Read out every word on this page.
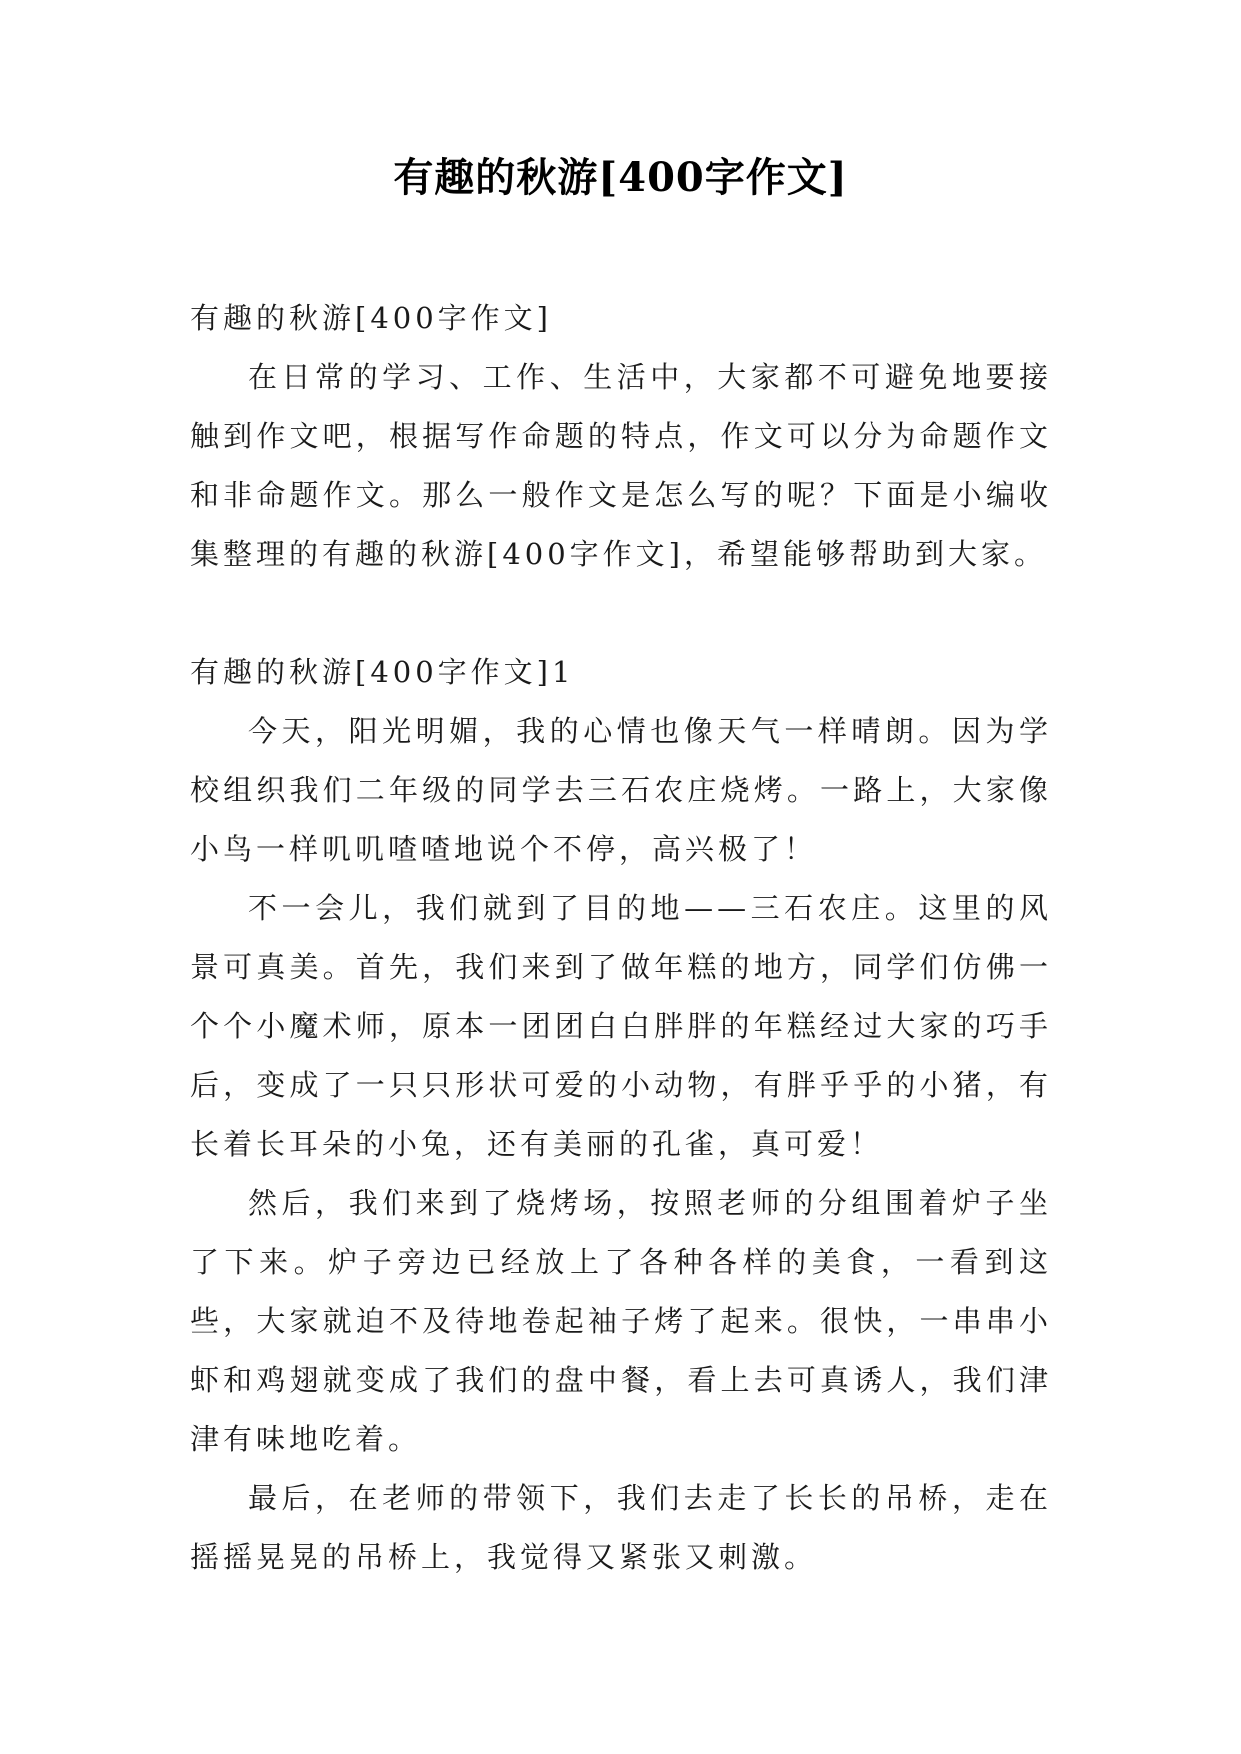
有趣的秋游[400字作文]

有趣的秋游[400字作文]

在日常的学习、工作、生活中，大家都不可避免地要接触到作文吧，根据写作命题的特点，作文可以分为命题作文和非命题作文。那么一般作文是怎么写的呢？下面是小编收集整理的有趣的秋游[400字作文]，希望能够帮助到大家。

有趣的秋游[400字作文]1

今天，阳光明媚，我的心情也像天气一样晴朗。因为学校组织我们二年级的同学去三石农庄烧烤。一路上，大家像小鸟一样叽叽喳喳地说个不停，高兴极了！

不一会儿，我们就到了目的地——三石农庄。这里的风景可真美。首先，我们来到了做年糕的地方，同学们仿佛一个个小魔术师，原本一团团白白胖胖的年糕经过大家的巧手后，变成了一只只形状可爱的小动物，有胖乎乎的小猪，有长着长耳朵的小兔，还有美丽的孔雀，真可爱！

然后，我们来到了烧烤场，按照老师的分组围着炉子坐了下来。炉子旁边已经放上了各种各样的美食，一看到这些，大家就迫不及待地卷起袖子烤了起来。很快，一串串小虾和鸡翅就变成了我们的盘中餐，看上去可真诱人，我们津津有味地吃着。

最后，在老师的带领下，我们去走了长长的吊桥，走在摇摇晃晃的吊桥上，我觉得又紧张又刺激。
